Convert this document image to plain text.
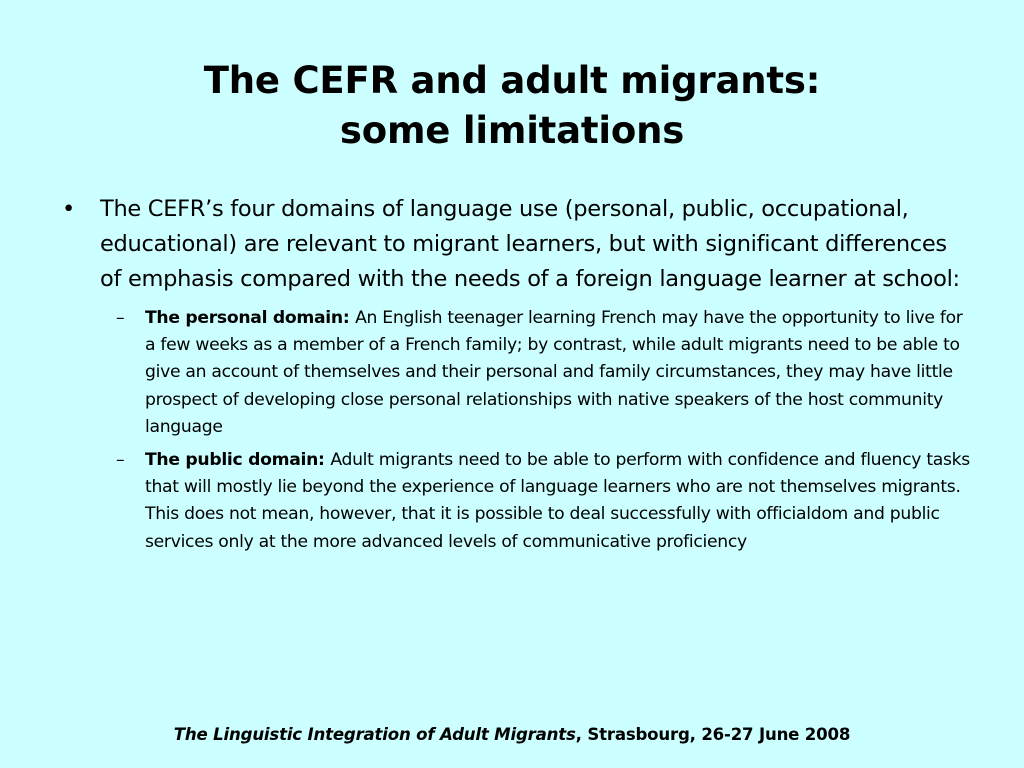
The CEFR and adult migrants:
some limitations
• The CEFR’s four domains of language use (personal, public, occupational, educational) are relevant to migrant learners, but with significant differences of emphasis compared with the needs of a foreign language learner at school:
– The personal domain: An English teenager learning French may have the opportunity to live for a few weeks as a member of a French family; by contrast, while adult migrants need to be able to give an account of themselves and their personal and family circumstances, they may have little prospect of developing close personal relationships with native speakers of the host community language
– The public domain: Adult migrants need to be able to perform with confidence and fluency tasks that will mostly lie beyond the experience of language learners who are not themselves migrants. This does not mean, however, that it is possible to deal successfully with officialdom and public services only at the more advanced levels of communicative proficiency
The Linguistic Integration of Adult Migrants, Strasbourg, 26-27 June 2008
